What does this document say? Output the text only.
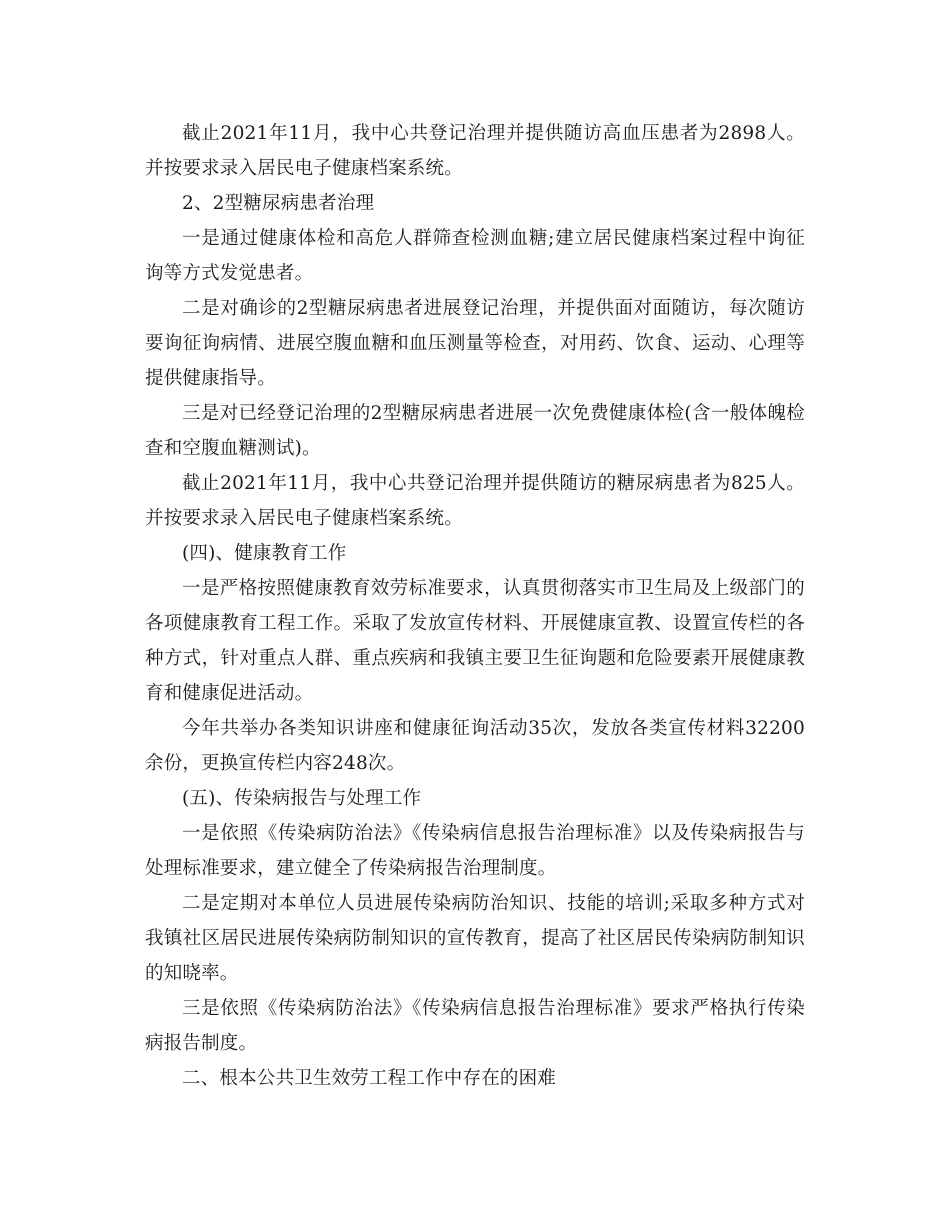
截止2021年11月，我中心共登记治理并提供随访高血压患者为2898人。并按要求录入居民电子健康档案系统。

2、2型糖尿病患者治理

一是通过健康体检和高危人群筛查检测血糖;建立居民健康档案过程中询征询等方式发觉患者。

二是对确诊的2型糖尿病患者进展登记治理，并提供面对面随访，每次随访要询征询病情、进展空腹血糖和血压测量等检查，对用药、饮食、运动、心理等提供健康指导。

三是对已经登记治理的2型糖尿病患者进展一次免费健康体检(含一般体魄检查和空腹血糖测试)。

截止2021年11月，我中心共登记治理并提供随访的糖尿病患者为825人。并按要求录入居民电子健康档案系统。

(四)、健康教育工作

一是严格按照健康教育效劳标准要求，认真贯彻落实市卫生局及上级部门的各项健康教育工程工作。采取了发放宣传材料、开展健康宣教、设置宣传栏的各种方式，针对重点人群、重点疾病和我镇主要卫生征询题和危险要素开展健康教育和健康促进活动。

今年共举办各类知识讲座和健康征询活动35次，发放各类宣传材料32200余份，更换宣传栏内容248次。

(五)、传染病报告与处理工作

一是依照《传染病防治法》《传染病信息报告治理标准》以及传染病报告与处理标准要求，建立健全了传染病报告治理制度。

二是定期对本单位人员进展传染病防治知识、技能的培训;采取多种方式对我镇社区居民进展传染病防制知识的宣传教育，提高了社区居民传染病防制知识的知晓率。

三是依照《传染病防治法》《传染病信息报告治理标准》要求严格执行传染病报告制度。

二、根本公共卫生效劳工程工作中存在的困难
